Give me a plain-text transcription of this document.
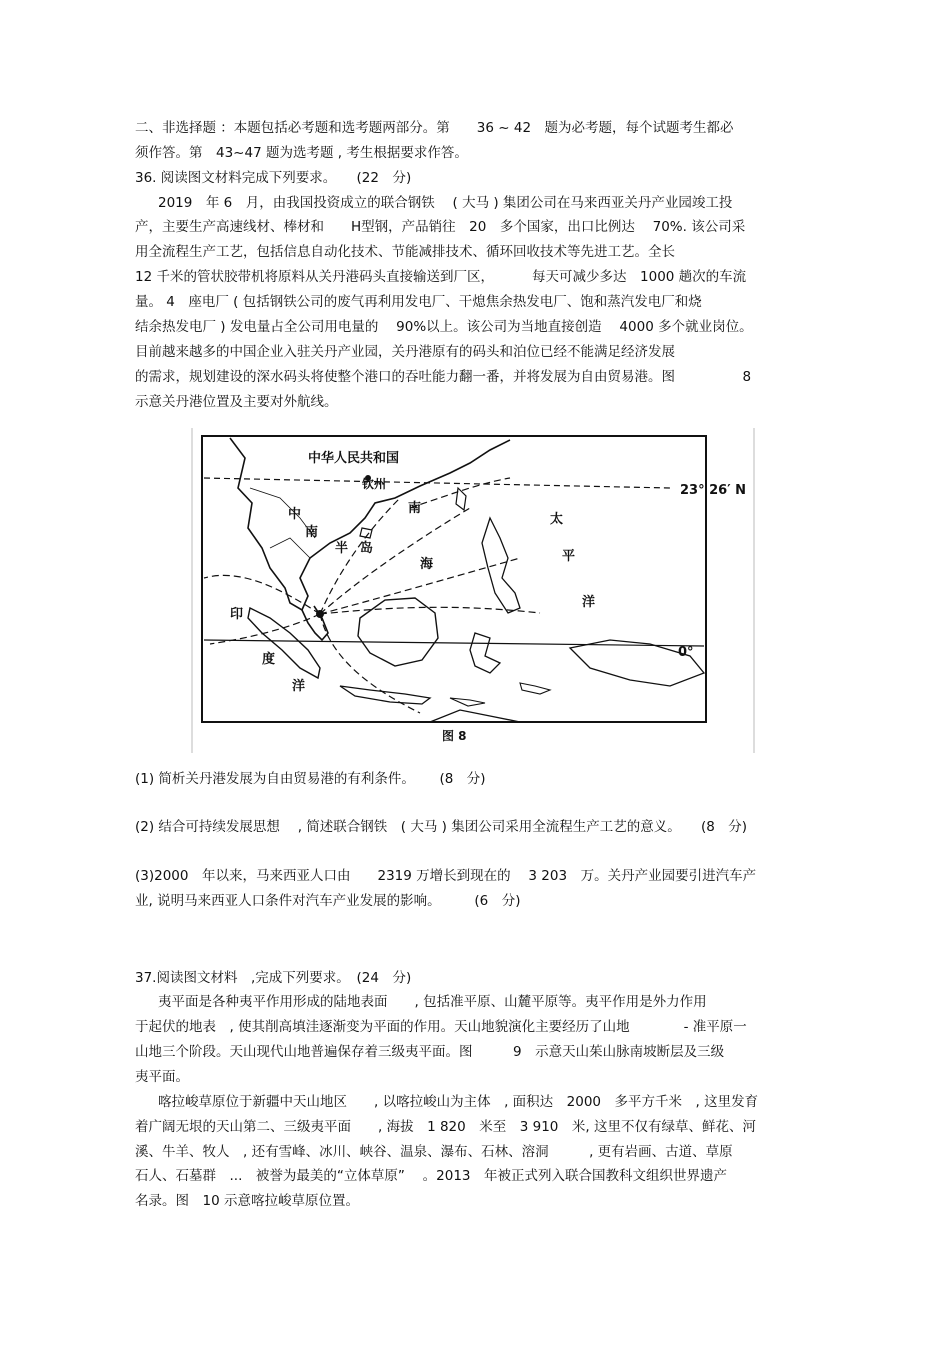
二、非选择题 ：本题包括必考题和选考题两部分。第　　36 ~ 42　题为必考题，每个试题考生都必
须作答。第　43~47 题为选考题 , 考生根据要求作答。
36. 阅读图文材料完成下列要求。　　(22　分)
2019　年 6　月，由我国投资成立的联合钢铁　 ( 大马 ) 集团公司在马来西亚关丹产业园竣工投
产，主要生产高速线材、棒材和　　H型钢，产品销往　20　多个国家，出口比例达　 70%. 该公司采
用全流程生产工艺，包括信息自动化技术、节能减排技术、循环回收技术等先进工艺。全长
12 千米的管状胶带机将原料从关丹港码头直接输送到厂区，　　　 每天可减少多达　1000 趟次的车流
量。 4　座电厂 ( 包括钢铁公司的废气再利用发电厂、干熄焦余热发电厂、饱和蒸汽发电厂和烧
结余热发电厂 ) 发电量占全公司用电量的　 90%以上。该公司为当地直接创造　 4000 多个就业岗位。
目前越来越多的中国企业入驻关丹产业园，关丹港原有的码头和泊位已经不能满足经济发展
的需求，规划建设的深水码头将使整个港口的吞吐能力翻一番，并将发展为自由贸易港。图　　　　　8
示意关丹港位置及主要对外航线。
中华人民共和国
钦州
南
海
中
南
半 岛
太
平
洋
印
度
洋
23° 26′ N
0°
图 8
(1) 简析关丹港发展为自由贸易港的有利条件。　　 (8　分)
(2) 结合可持续发展思想　 , 简述联合钢铁　( 大马 ) 集团公司采用全流程生产工艺的意义。　　(8　分)
(3)2000　年以来，马来西亚人口由　　2319 万增长到现在的　 3 203　万。关丹产业园要引进汽车产
业, 说明马来西亚人口条件对汽车产业发展的影响。　　　(6　分)
37.阅读图文材料　,完成下列要求。　(24　分)
夷平面是各种夷平作用形成的陆地表面　　, 包括准平原、山麓平原等。夷平作用是外力作用
于起伏的地表　, 使其削高填洼逐渐变为平面的作用。天山地貌演化主要经历了山地　　　　- 准平原一
山地三个阶段。天山现代山地普遍保存着三级夷平面。图　　　9　示意天山茱山脉南坡断层及三级
夷平面。
喀拉峻草原位于新疆中天山地区　　, 以喀拉峻山为主体　, 面积达　2000　多平方千米　, 这里发育
着广阔无垠的天山第二、三级夷平面　　, 海拔　1 820　米至　3 910　米, 这里不仅有绿草、鲜花、河
溪、牛羊、牧人　, 还有雪峰、冰川、峡谷、温泉、瀑布、石林、溶洞　　　, 更有岩画、古道、草原
石人、石墓群　...　被誉为最美的“立体草原”　 。2013　年被正式列入联合国教科文组织世界遗产
名录。图　10 示意喀拉峻草原位置。
